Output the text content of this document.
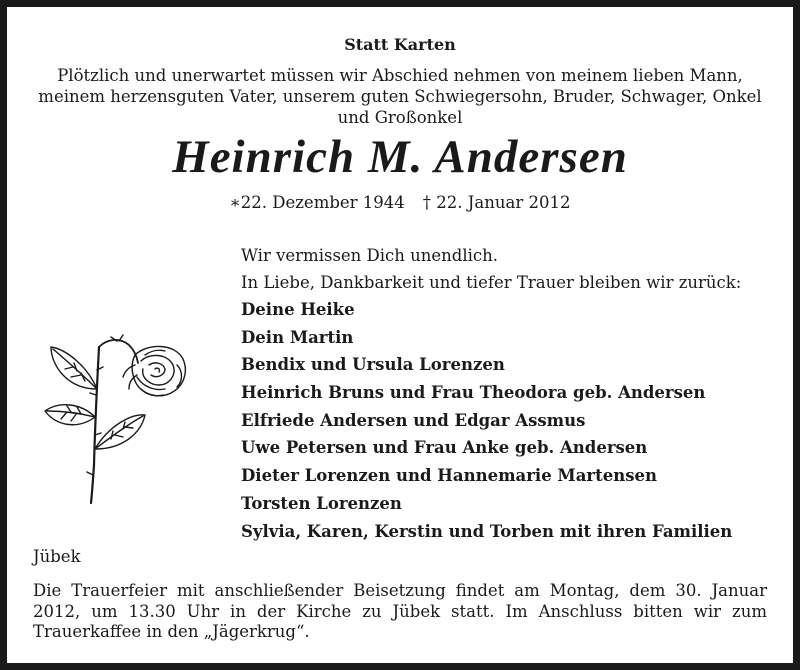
Statt Karten
Plötzlich und unerwartet müssen wir Abschied nehmen von meinem lieben Mann, meinem herzensguten Vater, unserem guten Schwiegersohn, Bruder, Schwager, Onkel und Großonkel
Heinrich M. Andersen
∗22. Dezember 1944 † 22. Januar 2012
Wir vermissen Dich unendlich.
In Liebe, Dankbarkeit und tiefer Trauer bleiben wir zurück:
Deine Heike
Dein Martin
Bendix und Ursula Lorenzen
Heinrich Bruns und Frau Theodora geb. Andersen
Elfriede Andersen und Edgar Assmus
Uwe Petersen und Frau Anke geb. Andersen
Dieter Lorenzen und Hannemarie Martensen
Torsten Lorenzen
Sylvia, Karen, Kerstin und Torben mit ihren Familien
Jübek
Die Trauerfeier mit anschließender Beisetzung findet am Montag, dem 30. Januar 2012, um 13.30 Uhr in der Kirche zu Jübek statt. Im Anschluss bitten wir zum Trauerkaffee in den „Jägerkrug“.
